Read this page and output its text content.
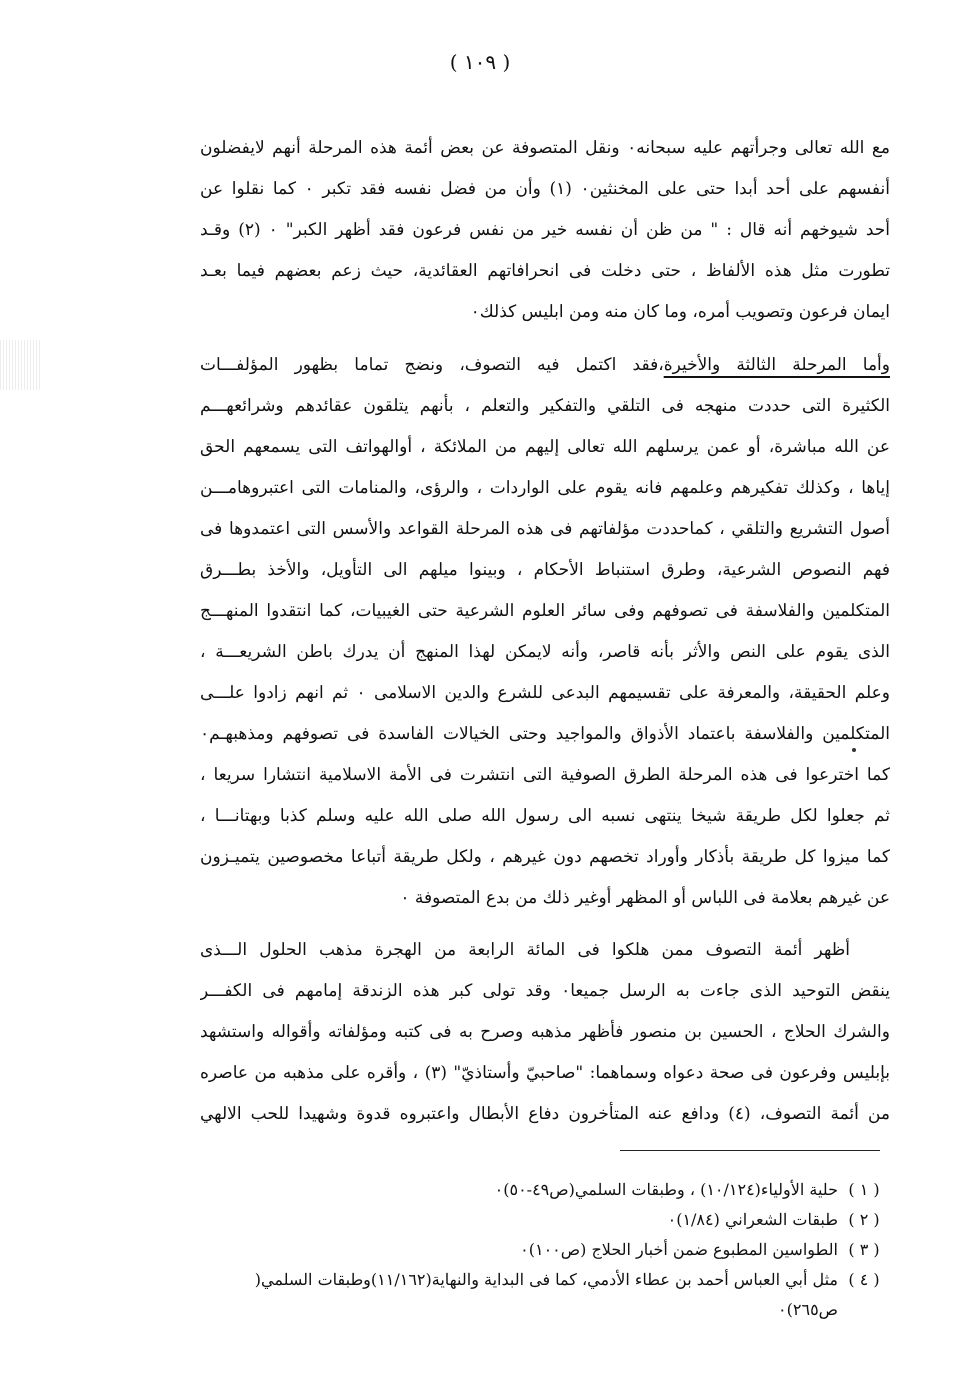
( ١٠٩ )
مع الله تعالى وجرأتهم عليه سبحانه٠ ونقل المتصوفة عن بعض أئمة هذه المرحلة أنهم لايفضلون
أنفسهم على أحد أبدا حتى على المخنثين٠ (١) وأن من فضل نفسه فقد تكبر ٠ كما نقلوا عن
أحد شيوخهم أنه قال : " من ظن أن نفسه خير من نفس فرعون فقد أظهر الكبر" ٠ (٢) وقـد
تطورت مثل هذه الألفاظ ، حتى دخلت فى انحرافاتهم العقائدية، حيث زعم بعضهم فيما بعـد
ايمان فرعون وتصويب أمره، وما كان منه ومن ابليس كذلك٠
وأما المرحلة الثالثة والأخيرة،فقد اكتمل فيه التصوف، ونضج تماما بظهور المؤلفـــات
الكثيرة التى حددت منهجه فى التلقي والتفكير والتعلم ، بأنهم يتلقون عقائدهم وشرائعهـــم
عن الله مباشرة، أو عمن يرسلهم الله تعالى إليهم من الملائكة ، أوالهواتف التى يسمعهم الحق
إياها ، وكذلك تفكيرهم وعلمهم فانه يقوم على الواردات ، والرؤى، والمنامات التى اعتبروهامـــن
أصول التشريع والتلقي ، كماحددت مؤلفاتهم فى هذه المرحلة القواعد والأسس التى اعتمدوها فى
فهم النصوص الشرعية، وطرق استنباط الأحكام ، وبينوا ميلهم الى التأويل، والأخذ بطـــرق
المتكلمين والفلاسفة فى تصوفهم وفى سائر العلوم الشرعية حتى الغيبيات، كما انتقدوا المنهـــج
الذى يقوم على النص والأثر بأنه قاصر، وأنه لايمكن لهذا المنهج أن يدرك باطن الشريعـــة ،
وعلم الحقيقة، والمعرفة على تقسيمهم البدعى للشرع والدين الاسلامى ٠ ثم انهم زادوا علـــى
المتكلمين والفلاسفة باعتماد الأذواق والمواجيد وحتى الخيالات الفاسدة فى تصوفهم ومذهبهـم٠
كما اخترعوا فى هذه المرحلة الطرق الصوفية التى انتشرت فى الأمة الاسلامية انتشارا سريعا ،
ثم جعلوا لكل طريقة شيخا ينتهى نسبه الى رسول الله صلى الله عليه وسلم كذبا وبهتانـــا ،
كما ميزوا كل طريقة بأذكار وأوراد تخصهم دون غيرهم ، ولكل طريقة أتباعا مخصوصين يتميـزون
عن غيرهم بعلامة فى اللباس أو المظهر أوغير ذلك من بدع المتصوفة ٠
أظهر أئمة التصوف ممن هلكوا فى المائة الرابعة من الهجرة مذهب الحلول الـــذى
ينقض التوحيد الذى جاءت به الرسل جميعا٠ وقد تولى كبر هذه الزندقة إمامهم فى الكفـــر
والشرك الحلاج ، الحسين بن منصور فأظهر مذهبه وصرح به فى كتبه ومؤلفاته وأقواله واستشهد
بإبليس وفرعون فى صحة دعواه وسماهما: "صاحبيّ وأستاذيّ" (٣) ، وأقره على مذهبه من عاصره
من أئمة التصوف، (٤) ودافع عنه المتأخرون دفاع الأبطال واعتبروه قدوة وشهيدا للحب الالهي
( ١ )
حلية الأولياء(١٠/١٢٤) ، وطبقات السلمي(ص٤٩-٥٠)٠
( ٢ )
طبقات الشعراني (١/٨٤)٠
( ٣ )
الطواسين المطبوع ضمن أخبار الحلاج (ص١٠٠)٠
( ٤ )
مثل أبي العباس أحمد بن عطاء الأدمي، كما فى البداية والنهاية(١١/١٦٢)وطبقات السلمي( ص٢٦٥)٠
